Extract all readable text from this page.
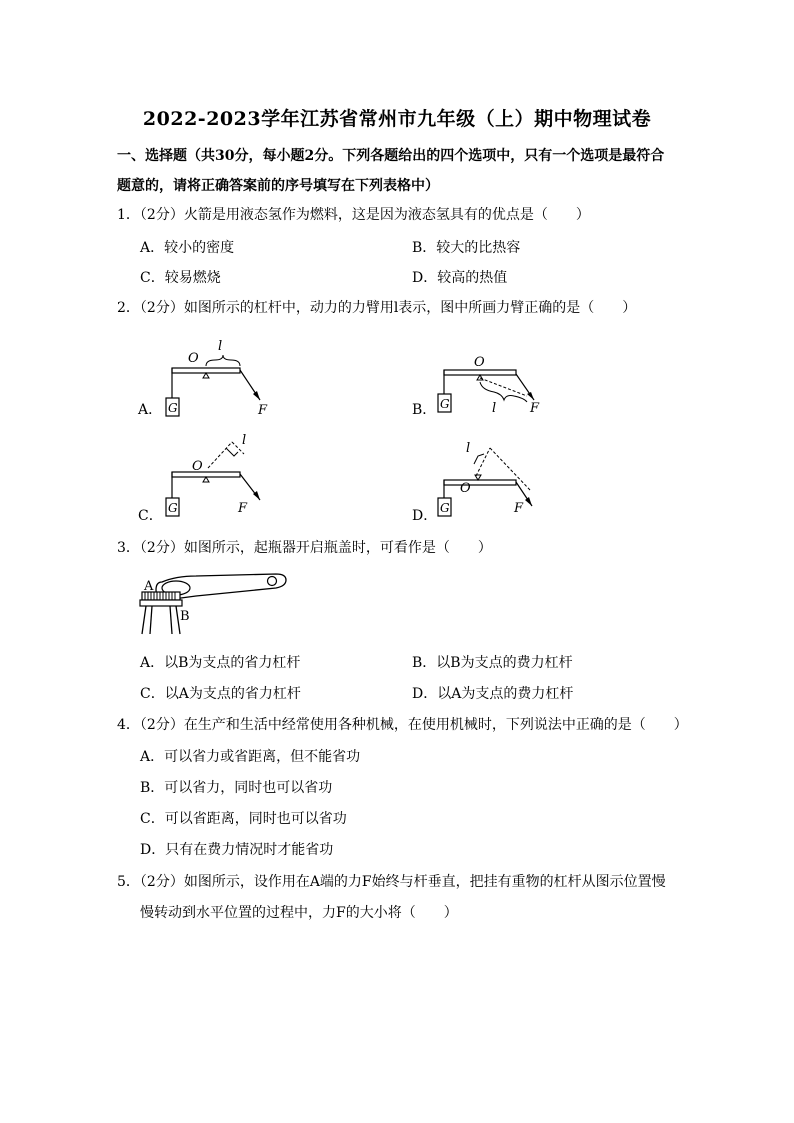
2022-2023学年江苏省常州市九年级（上）期中物理试卷
一、选择题（共30分，每小题2分。下列各题给出的四个选项中，只有一个选项是最符合
题意的，请将正确答案前的序号填写在下列表格中）
1．（2分）火箭是用液态氢作为燃料，这是因为液态氢具有的优点是（　　）
A．较小的密度	B．较大的比热容
C．较易燃烧	D．较高的热值
2．（2分）如图所示的杠杆中，动力的力臂用l表示，图中所画力臂正确的是（　　）
A． G
O
l
F	B． G
O
l	F
C． G
O
l
F	D． G
O
l
F
3．（2分）如图所示，起瓶器开启瓶盖时，可看作是（　　）
A
B
A．以B为支点的省力杠杆	B．以B为支点的费力杠杆
C．以A为支点的省力杠杆	D．以A为支点的费力杠杆
4．（2分）在生产和生活中经常使用各种机械，在使用机械时，下列说法中正确的是（　　）
A．可以省力或省距离，但不能省功
B．可以省力，同时也可以省功
C．可以省距离，同时也可以省功
D．只有在费力情况时才能省功
5．（2分）如图所示，设作用在A端的力F始终与杆垂直，把挂有重物的杠杆从图示位置慢
慢转动到水平位置的过程中，力F的大小将（　　）
